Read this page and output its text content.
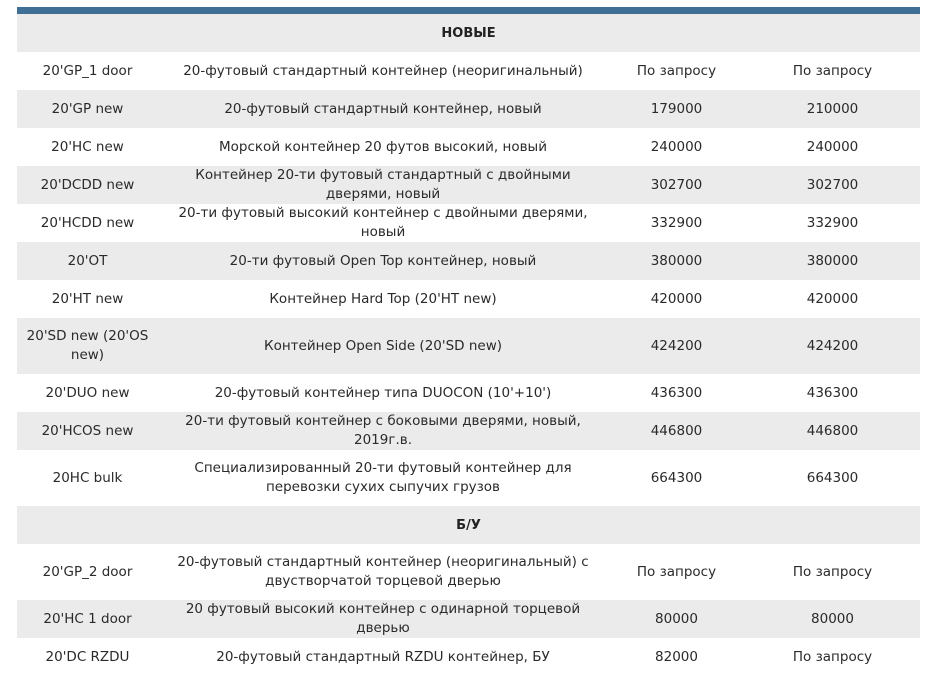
НОВЫЕ			
20'GP_1 door	20-футовый стандартный контейнер (неоригинальный)	По запросу	По запросу
20'GP new	20-футовый стандартный контейнер, новый	179000	210000
20'HC new	Морской контейнер 20 футов высокий, новый	240000	240000
20'DCDD new	Контейнер 20-ти футовый стандартный с двойными дверями, новый	302700	302700
20'HCDD new	20-ти футовый высокий контейнер с двойными дверями, новый	332900	332900
20'OT	20-ти футовый Open Top контейнер, новый	380000	380000
20'HT new	Контейнер Hard Top (20'HT new)	420000	420000
20'SD new (20'OS new)	Контейнер Open Side (20'SD new)	424200	424200
20'DUO new	20-футовый контейнер типа DUOCON (10'+10')	436300	436300
20'HCOS new	20-ти футовый контейнер с боковыми дверями, новый, 2019г.в.	446800	446800
20HC bulk	Специализированный 20-ти футовый контейнер для перевозки сухих сыпучих грузов	664300	664300
Б/У			
20'GP_2 door	20-футовый стандартный контейнер (неоригинальный) с двустворчатой торцевой дверью	По запросу	По запросу
20'HC 1 door	20 футовый высокий контейнер с одинарной торцевой дверью	80000	80000
20'DC RZDU	20-футовый стандартный RZDU контейнер, БУ	82000	По запросу
